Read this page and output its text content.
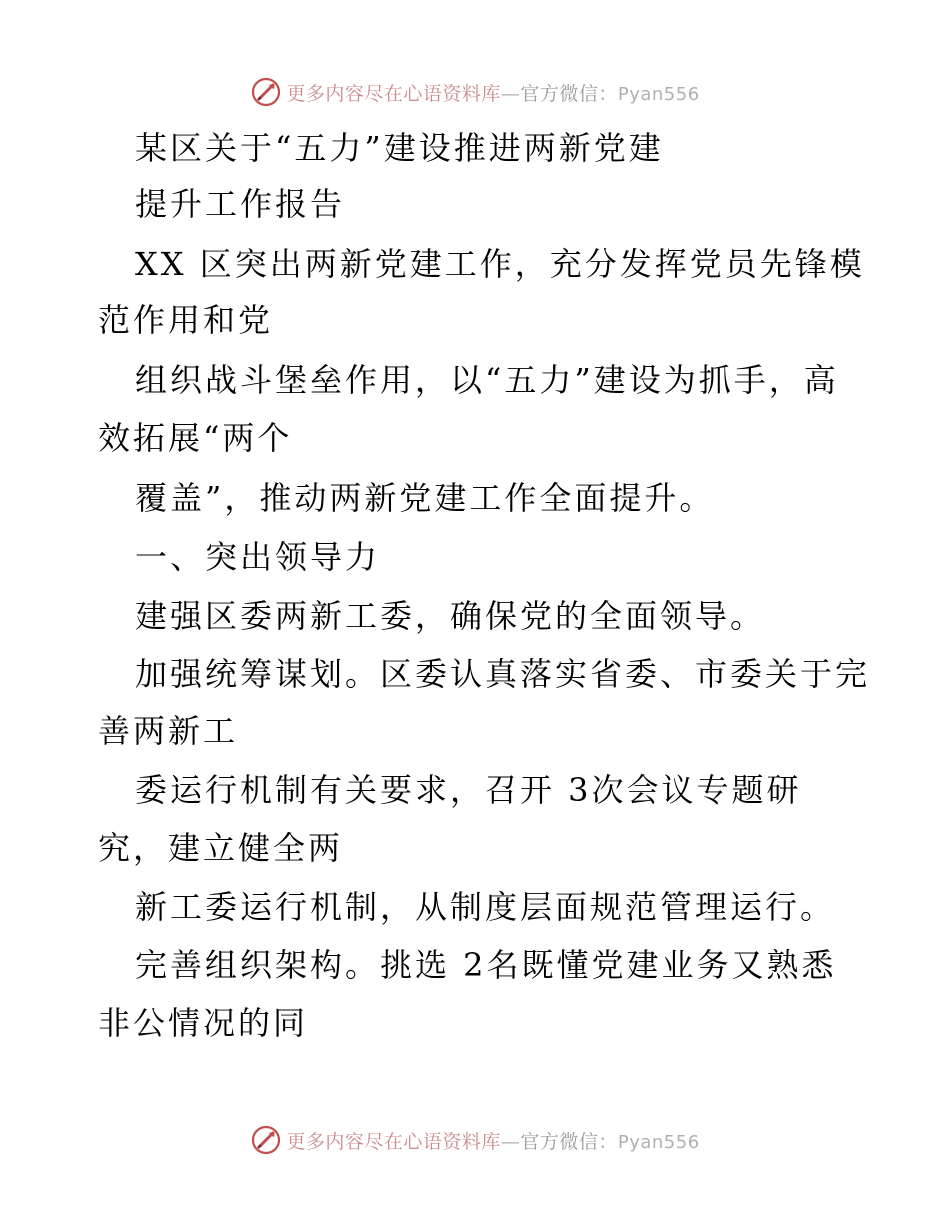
更多内容尽在心语资料库—官方微信：Pyan556
某区关于“五力”建设推进两新党建
提升工作报告
XX 区突出两新党建工作，充分发挥党员先锋模
范作用和党
组织战斗堡垒作用，以“五力”建设为抓手，高
效拓展“两个
覆盖”，推动两新党建工作全面提升。
一、突出领导力
建强区委两新工委，确保党的全面领导。
加强统筹谋划。区委认真落实省委、市委关于完
善两新工
委运行机制有关要求，召开 3次会议专题研
究，建立健全两
新工委运行机制，从制度层面规范管理运行。
完善组织架构。挑选 2名既懂党建业务又熟悉
非公情况的同
更多内容尽在心语资料库—官方微信：Pyan556
